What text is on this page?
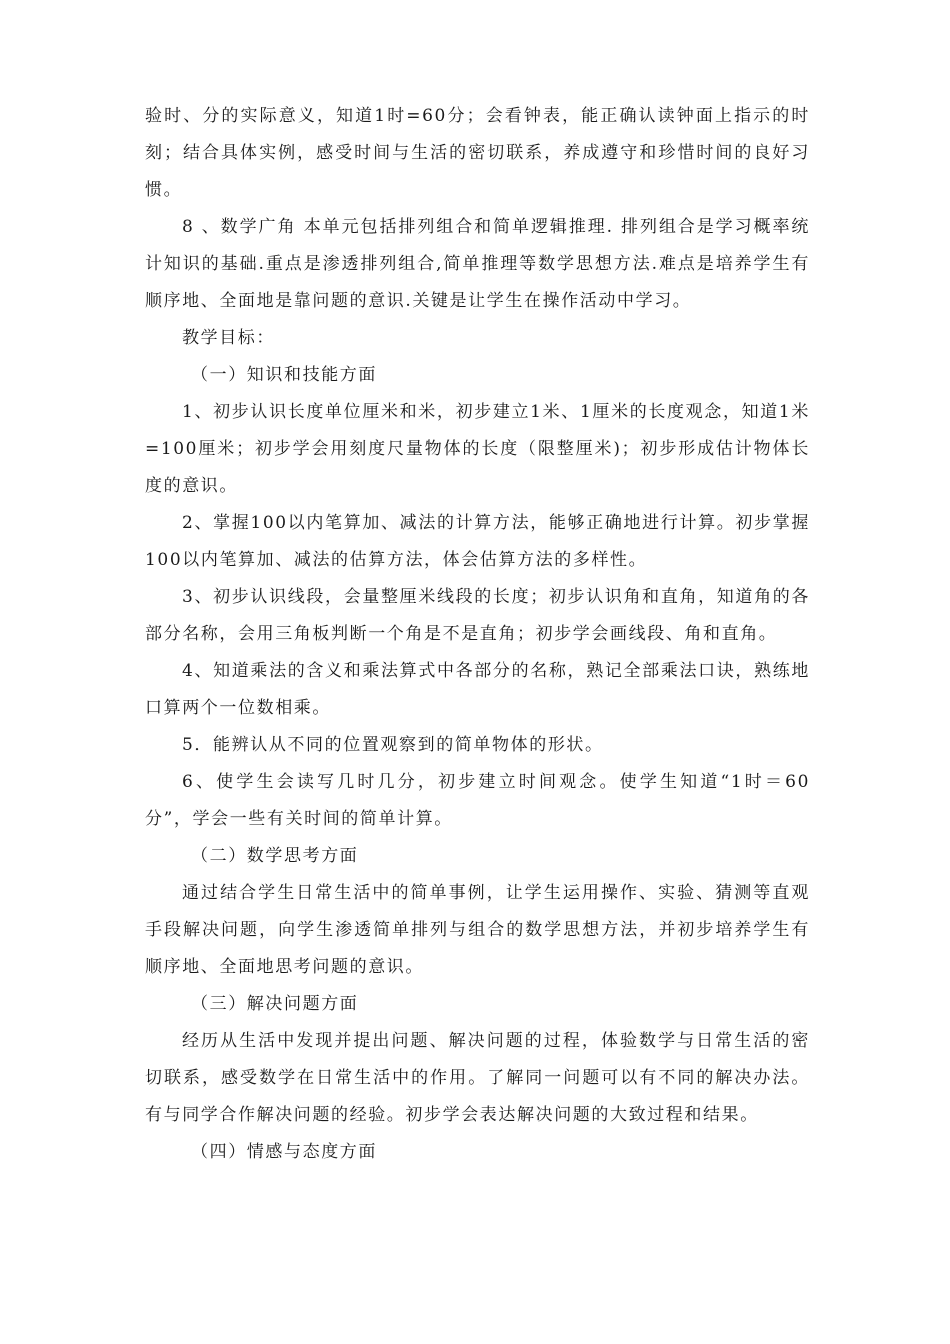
验时、分的实际意义，知道1时=60分；会看钟表，能正确认读钟面上指示的时刻；结合具体实例，感受时间与生活的密切联系，养成遵守和珍惜时间的良好习惯。

8 、数学广角 本单元包括排列组合和简单逻辑推理. 排列组合是学习概率统计知识的基础.重点是渗透排列组合,简单推理等数学思想方法.难点是培养学生有顺序地、全面地是靠问题的意识.关键是让学生在操作活动中学习。

教学目标：

（一）知识和技能方面

1、初步认识长度单位厘米和米，初步建立1米、1厘米的长度观念，知道1米=100厘米；初步学会用刻度尺量物体的长度（限整厘米)；初步形成估计物体长度的意识。

2、掌握100以内笔算加、减法的计算方法，能够正确地进行计算。初步掌握100以内笔算加、减法的估算方法，体会估算方法的多样性。

3、初步认识线段，会量整厘米线段的长度；初步认识角和直角，知道角的各部分名称，会用三角板判断一个角是不是直角；初步学会画线段、角和直角。

4、知道乘法的含义和乘法算式中各部分的名称，熟记全部乘法口诀，熟练地口算两个一位数相乘。

5．能辨认从不同的位置观察到的简单物体的形状。

6、使学生会读写几时几分，初步建立时间观念。使学生知道“1时＝60分”，学会一些有关时间的简单计算。

（二）数学思考方面

通过结合学生日常生活中的简单事例，让学生运用操作、实验、猜测等直观手段解决问题，向学生渗透简单排列与组合的数学思想方法，并初步培养学生有顺序地、全面地思考问题的意识。

（三）解决问题方面

经历从生活中发现并提出问题、解决问题的过程，体验数学与日常生活的密切联系，感受数学在日常生活中的作用。了解同一问题可以有不同的解决办法。有与同学合作解决问题的经验。初步学会表达解决问题的大致过程和结果。

（四）情感与态度方面
